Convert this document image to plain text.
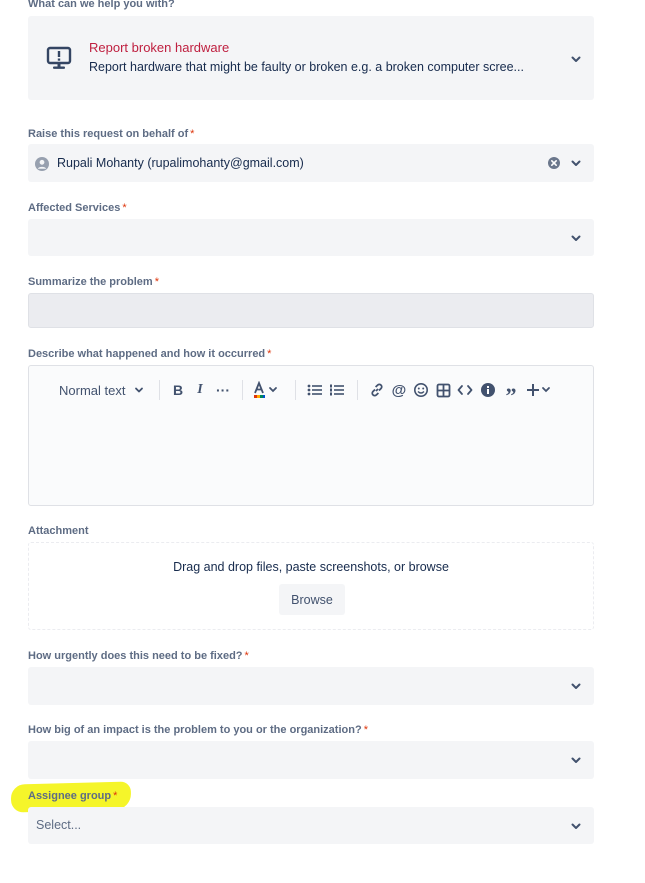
What can we help you with?
Report broken hardware
Report hardware that might be faulty or broken e.g. a broken computer scree...
Raise this request on behalf of *
Rupali Mohanty (rupalimohanty@gmail.com)
Affected Services *
Summarize the problem *
Describe what happened and how it occurred *
Normal text	B	I ···	@	”
Attachment
Drag and drop files, paste screenshots, or browse
Browse
How urgently does this need to be fixed? *
How big of an impact is the problem to you or the organization? *
Assignee group *
Select...
